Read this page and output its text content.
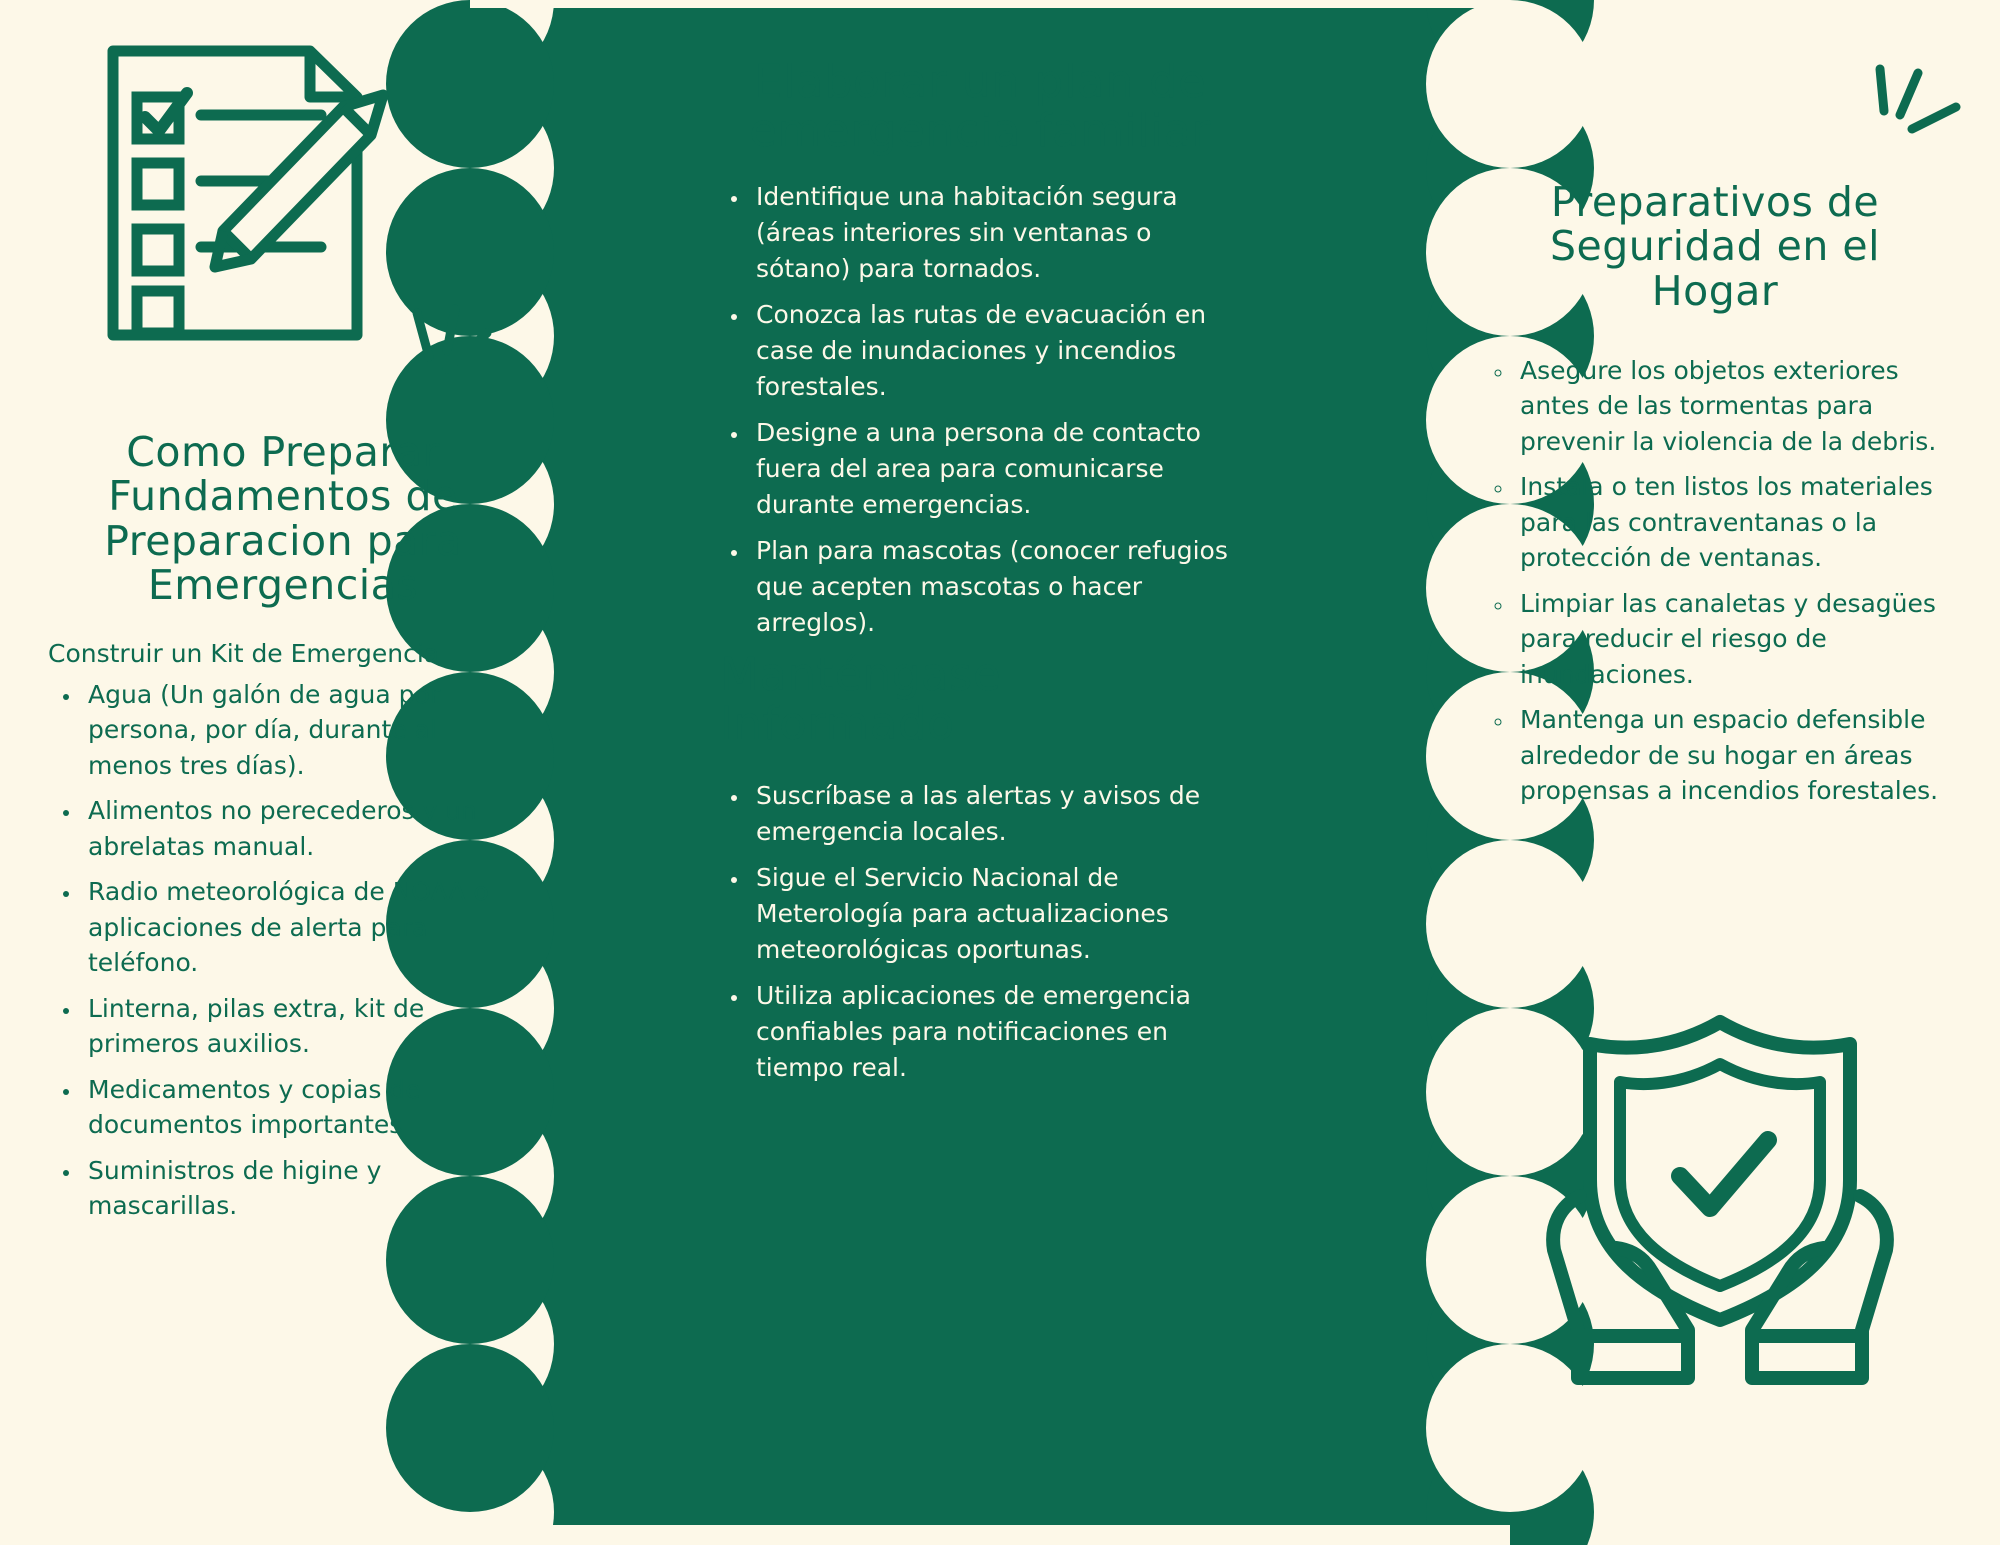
Como Preparar Fundamentos de Preparacion para Emergencias
Construir un Kit de Emergencia
• Agua (Un galón de agua por persona, por día, durante al menos tres días).
• Alimentos no perecederos y un abrelatas manual.
• Radio meteorológica de NOAA o aplicaciones de alerta para teléfono.
• Linterna, pilas extra, kit de primeros auxilios.
• Medicamentos y copias de documentos importantes
• Suministros de higine y mascarillas.
Elaborar un plan de emergencia familiar
• Identifique una habitación segura (áreas interiores sin ventanas o sótano) para tornados.
• Conozca las rutas de evacuación en case de inundaciones y incendios forestales.
• Designe a una persona de contacto fuera del area para comunicarse durante emergencias.
• Plan para mascotas (conocer refugios que acepten mascotas o hacer arreglos).
Manténgase Informado
• Suscríbase a las alertas y avisos de emergencia locales.
• Sigue el Servicio Nacional de Meterología para actualizaciones meteorológicas oportunas.
• Utiliza aplicaciones de emergencia confiables para notificaciones en tiempo real.
Preparativos de Seguridad en el Hogar
◦ Asegure los objetos exteriores antes de las tormentas para prevenir la violencia de la debris.
◦ Instala o ten listos los materiales para las contraventanas o la protección de ventanas.
◦ Limpiar las canaletas y desagües para reducir el riesgo de inundaciones.
◦ Mantenga un espacio defensible alrededor de su hogar en áreas propensas a incendios forestales.
